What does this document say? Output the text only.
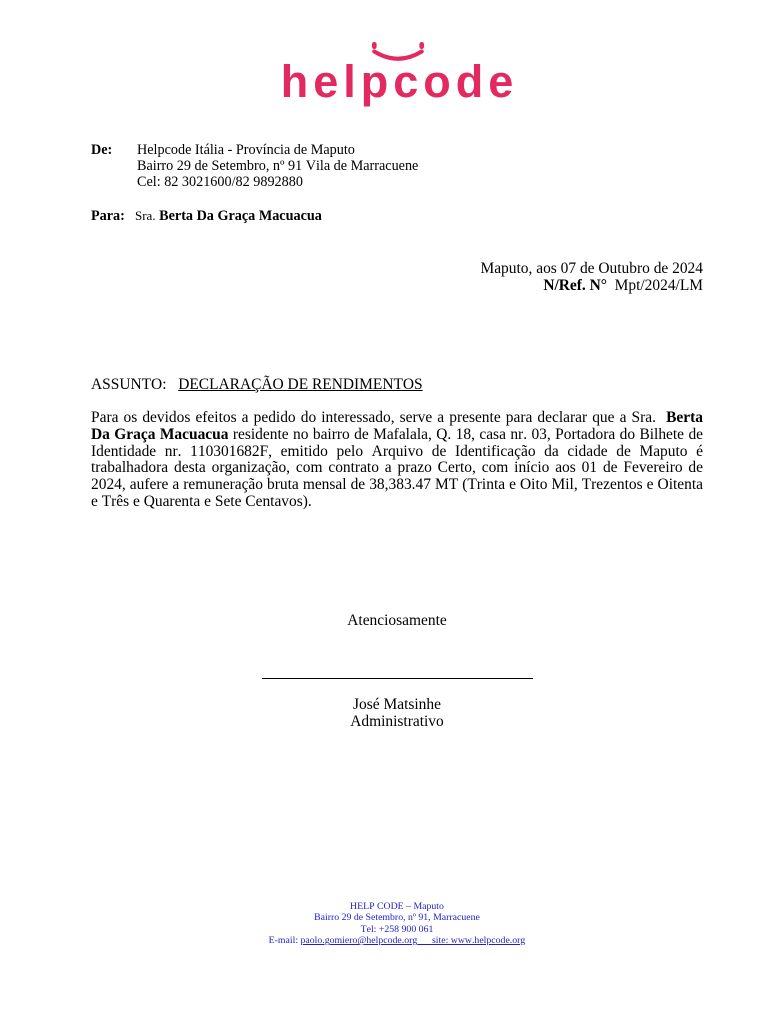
helpcode
De: Helpcode Itália - Província de Maputo
Bairro 29 de Setembro, nº 91 Vila de Marracuene
Cel: 82 3021600/82 9892880
Para: Sra. Berta Da Graça Macuacua
Maputo, aos 07 de Outubro de 2024
N/Ref. N° Mpt/2024/LM
ASSUNTO: DECLARAÇÃO DE RENDIMENTOS

Para os devidos efeitos a pedido do interessado, serve a presente para declarar que a Sra. Berta Da Graça Macuacua residente no bairro de Mafalala, Q. 18, casa nr. 03, Portadora do Bilhete de Identidade nr. 110301682F, emitido pelo Arquivo de Identificação da cidade de Maputo é trabalhadora desta organização, com contrato a prazo Certo, com início aos 01 de Fevereiro de 2024, aufere a remuneração bruta mensal de 38,383.47 MT (Trinta e Oito Mil, Trezentos e Oitenta e Três e Quarenta e Sete Centavos).

Atenciosamente
José Matsinhe
Administrativo
HELP CODE – Maputo
Bairro 29 de Setembro, nº 91, Marracuene
Tel: +258 900 061
E-mail: paolo.gomiero@helpcode.org site: www.helpcode.org
